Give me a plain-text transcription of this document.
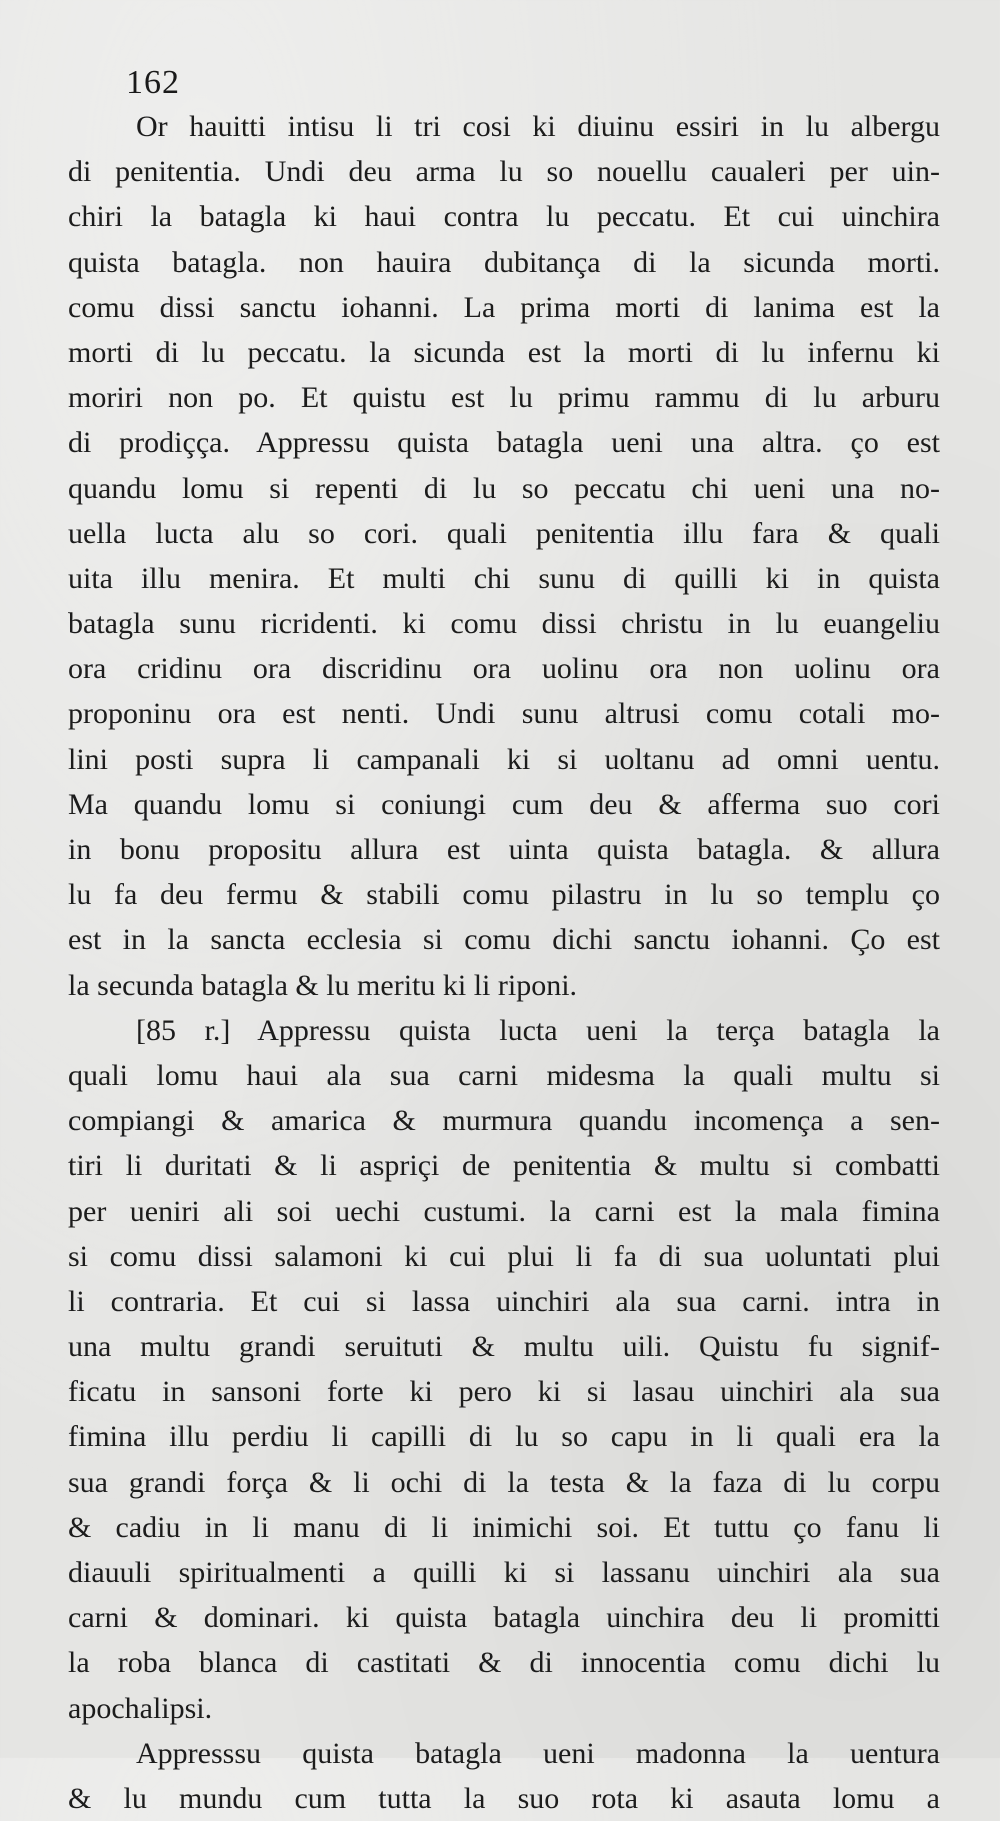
162
Or hauitti intisu li tri cosi ki diuinu essiri in lu albergu
di penitentia. Undi deu arma lu so nouellu caualeri per uin-
chiri la batagla ki haui contra lu peccatu. Et cui uinchira
quista batagla. non hauira dubitança di la sicunda morti.
comu dissi sanctu iohanni. La prima morti di lanima est la
morti di lu peccatu. la sicunda est la morti di lu infernu ki
moriri non po. Et quistu est lu primu rammu di lu arburu
di prodiçça. Appressu quista batagla ueni una altra. ço est
quandu lomu si repenti di lu so peccatu chi ueni una no-
uella lucta alu so cori. quali penitentia illu fara & quali
uita illu menira. Et multi chi sunu di quilli ki in quista
batagla sunu ricridenti. ki comu dissi christu in lu euangeliu
ora cridinu ora discridinu ora uolinu ora non uolinu ora
proponinu ora est nenti. Undi sunu altrusi comu cotali mo-
lini posti supra li campanali ki si uoltanu ad omni uentu.
Ma quandu lomu si coniungi cum deu & afferma suo cori
in bonu propositu allura est uinta quista batagla. & allura
lu fa deu fermu & stabili comu pilastru in lu so templu ço
est in la sancta ecclesia si comu dichi sanctu iohanni. Ço est
la secunda batagla & lu meritu ki li riponi.
[85 r.] Appressu quista lucta ueni la terça batagla la
quali lomu haui ala sua carni midesma la quali multu si
compiangi & amarica & murmura quandu incomença a sen-
tiri li duritati & li aspriçi de penitentia & multu si combatti
per ueniri ali soi uechi custumi. la carni est la mala fimina
si comu dissi salamoni ki cui plui li fa di sua uoluntati plui
li contraria. Et cui si lassa uinchiri ala sua carni. intra in
una multu grandi seruituti & multu uili. Quistu fu signif-
ficatu in sansoni forte ki pero ki si lasau uinchiri ala sua
fimina illu perdiu li capilli di lu so capu in li quali era la
sua grandi força & li ochi di la testa & la faza di lu corpu
& cadiu in li manu di li inimichi soi. Et tuttu ço fanu li
diauuli spiritualmenti a quilli ki si lassanu uinchiri ala sua
carni & dominari. ki quista batagla uinchira deu li promitti
la roba blanca di castitati & di innocentia comu dichi lu
apochalipsi.
Appresssu quista batagla ueni madonna la uentura
& lu mundu cum tutta la suo rota ki asauta lomu a
